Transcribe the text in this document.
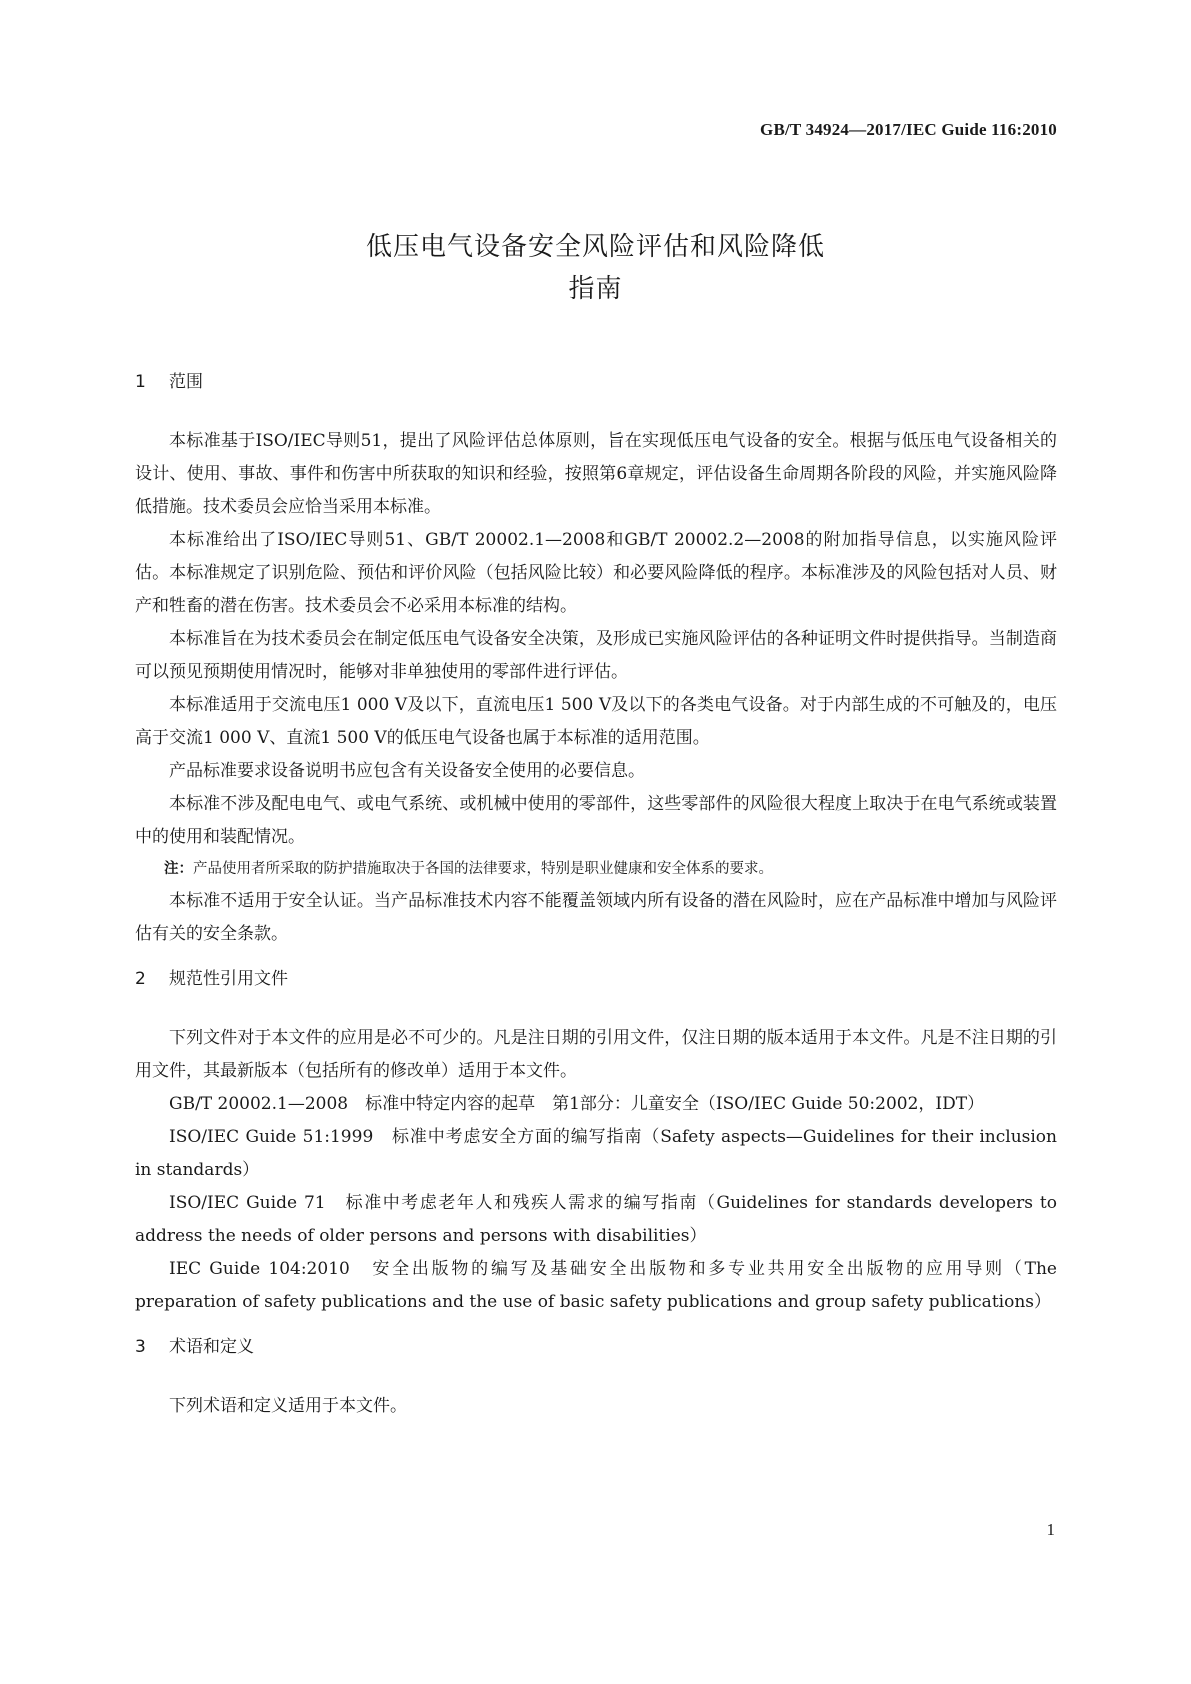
GB/T 34924—2017/IEC Guide 116:2010
低压电气设备安全风险评估和风险降低
指南
1 范围

本标准基于ISO/IEC导则51，提出了风险评估总体原则，旨在实现低压电气设备的安全。根据与低压电气设备相关的设计、使用、事故、事件和伤害中所获取的知识和经验，按照第6章规定，评估设备生命周期各阶段的风险，并实施风险降低措施。技术委员会应恰当采用本标准。

本标准给出了ISO/IEC导则51、GB/T 20002.1—2008和GB/T 20002.2—2008的附加指导信息，以实施风险评估。本标准规定了识别危险、预估和评价风险（包括风险比较）和必要风险降低的程序。本标准涉及的风险包括对人员、财产和牲畜的潜在伤害。技术委员会不必采用本标准的结构。

本标准旨在为技术委员会在制定低压电气设备安全决策，及形成已实施风险评估的各种证明文件时提供指导。当制造商可以预见预期使用情况时，能够对非单独使用的零部件进行评估。

本标准适用于交流电压1 000 V及以下，直流电压1 500 V及以下的各类电气设备。对于内部生成的不可触及的，电压高于交流1 000 V、直流1 500 V的低压电气设备也属于本标准的适用范围。

产品标准要求设备说明书应包含有关设备安全使用的必要信息。

本标准不涉及配电电气、或电气系统、或机械中使用的零部件，这些零部件的风险很大程度上取决于在电气系统或装置中的使用和装配情况。

注：产品使用者所采取的防护措施取决于各国的法律要求，特别是职业健康和安全体系的要求。

本标准不适用于安全认证。当产品标准技术内容不能覆盖领域内所有设备的潜在风险时，应在产品标准中增加与风险评估有关的安全条款。

2 规范性引用文件

下列文件对于本文件的应用是必不可少的。凡是注日期的引用文件，仅注日期的版本适用于本文件。凡是不注日期的引用文件，其最新版本（包括所有的修改单）适用于本文件。

GB/T 20002.1—2008　标准中特定内容的起草　第1部分：儿童安全（ISO/IEC Guide 50:2002，IDT）

ISO/IEC Guide 51:1999　标准中考虑安全方面的编写指南（Safety aspects—Guidelines for their inclusion in standards）

ISO/IEC Guide 71　标准中考虑老年人和残疾人需求的编写指南（Guidelines for standards developers to address the needs of older persons and persons with disabilities）

IEC Guide 104:2010　安全出版物的编写及基础安全出版物和多专业共用安全出版物的应用导则（The preparation of safety publications and the use of basic safety publications and group safety publications）

3 术语和定义

下列术语和定义适用于本文件。

1
